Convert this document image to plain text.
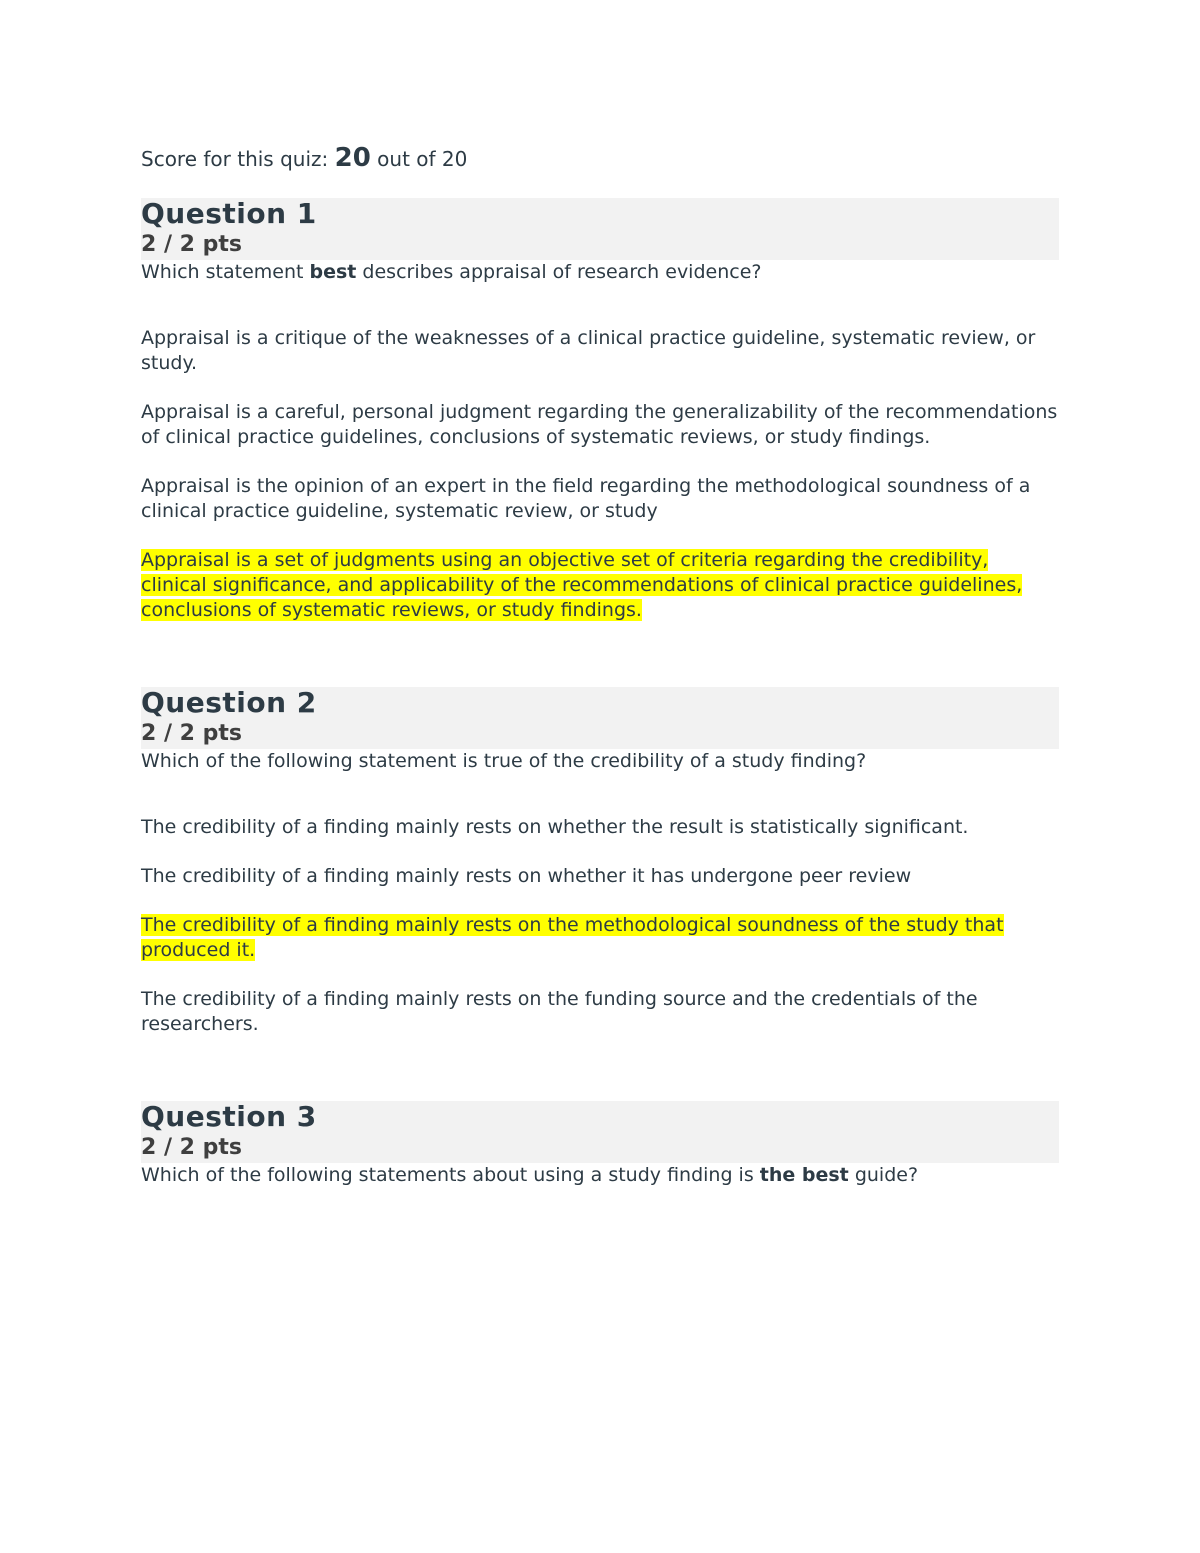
Score for this quiz: 20 out of 20
Question 1
2 / 2 pts

Which statement best describes appraisal of research evidence?

Appraisal is a critique of the weaknesses of a clinical practice guideline, systematic review, or study.
Appraisal is a careful, personal judgment regarding the generalizability of the recommendations of clinical practice guidelines, conclusions of systematic reviews, or study findings.
Appraisal is the opinion of an expert in the field regarding the methodological soundness of a clinical practice guideline, systematic review, or study
Appraisal is a set of judgments using an objective set of criteria regarding the credibility, clinical significance, and applicability of the recommendations of clinical practice guidelines, conclusions of systematic reviews, or study findings.
Question 2
2 / 2 pts

Which of the following statement is true of the credibility of a study finding?

The credibility of a finding mainly rests on whether the result is statistically significant.
The credibility of a finding mainly rests on whether it has undergone peer review
The credibility of a finding mainly rests on the methodological soundness of the study that produced it.
The credibility of a finding mainly rests on the funding source and the credentials of the researchers.
Question 3
2 / 2 pts

Which of the following statements about using a study finding is the best guide?
